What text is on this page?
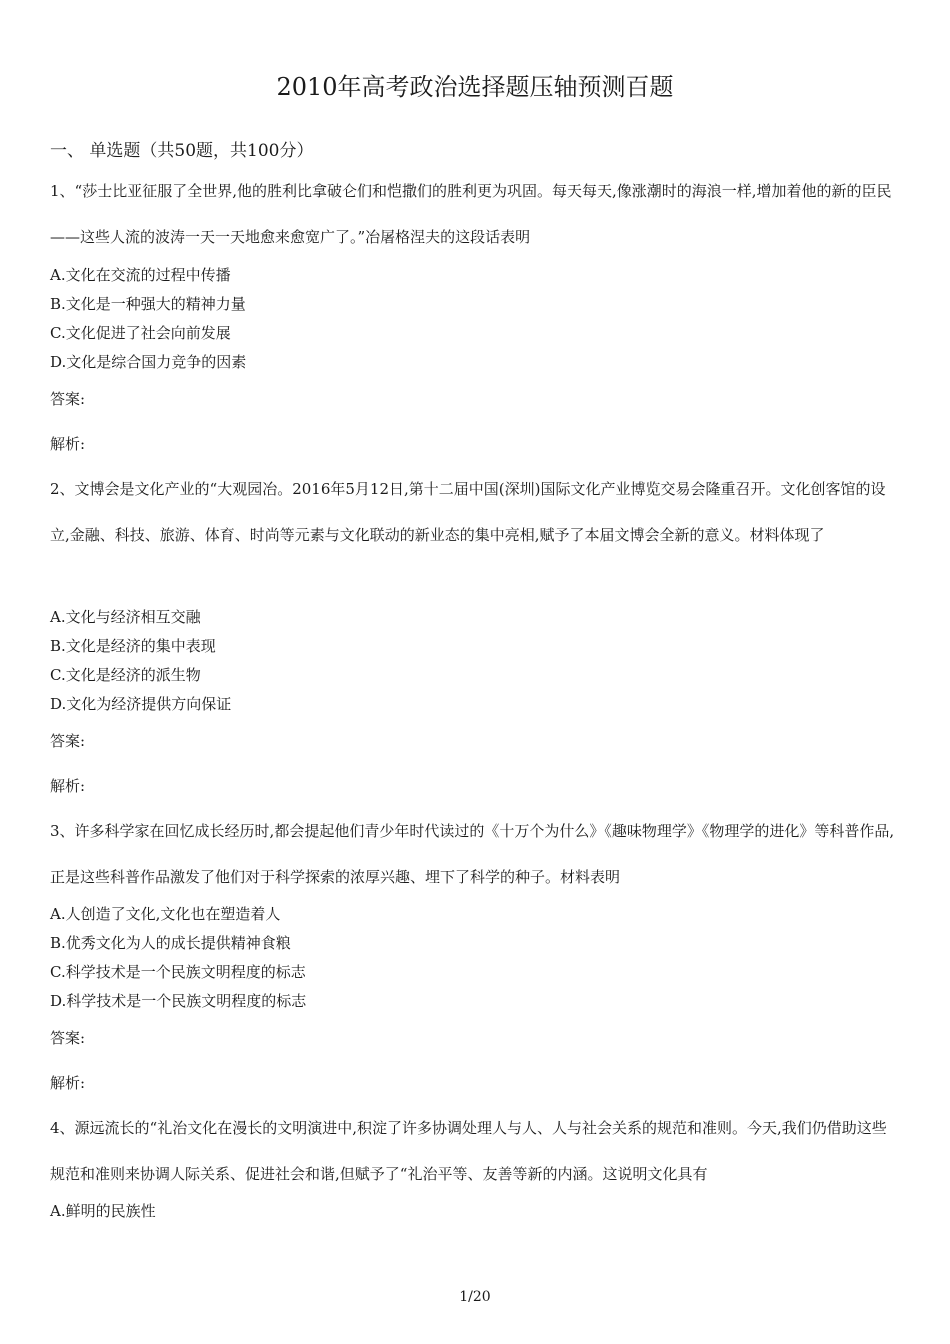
2010年高考政治选择题压轴预测百题
一、 单选题（共50题，共100分）
1、“莎士比亚征服了全世界,他的胜利比拿破仑们和恺撒们的胜利更为巩固。每天每天,像涨潮时的海浪一样,增加着他的新的臣民——这些人流的波涛一天一天地愈来愈宽广了。”冶屠格涅夫的这段话表明
A.文化在交流的过程中传播
B.文化是一种强大的精神力量
C.文化促进了社会向前发展
D.文化是综合国力竞争的因素
答案:
解析:
2、文博会是文化产业的“大观园冶。2016年5月12日,第十二届中国(深圳)国际文化产业博览交易会隆重召开。文化创客馆的设立,金融、科技、旅游、体育、时尚等元素与文化联动的新业态的集中亮相,赋予了本届文博会全新的意义。材料体现了
A.文化与经济相互交融
B.文化是经济的集中表现
C.文化是经济的派生物
D.文化为经济提供方向保证
答案:
解析:
3、许多科学家在回忆成长经历时,都会提起他们青少年时代读过的《十万个为什么》《趣味物理学》《物理学的进化》等科普作品,正是这些科普作品激发了他们对于科学探索的浓厚兴趣、埋下了科学的种子。材料表明
A.人创造了文化,文化也在塑造着人
B.优秀文化为人的成长提供精神食粮
C.科学技术是一个民族文明程度的标志
D.科学技术是一个民族文明程度的标志
答案:
解析:
4、源远流长的“礼治文化在漫长的文明演进中,积淀了许多协调处理人与人、人与社会关系的规范和准则。今天,我们仍借助这些规范和准则来协调人际关系、促进社会和谐,但赋予了“礼治平等、友善等新的内涵。这说明文化具有
A.鲜明的民族性
1/20
